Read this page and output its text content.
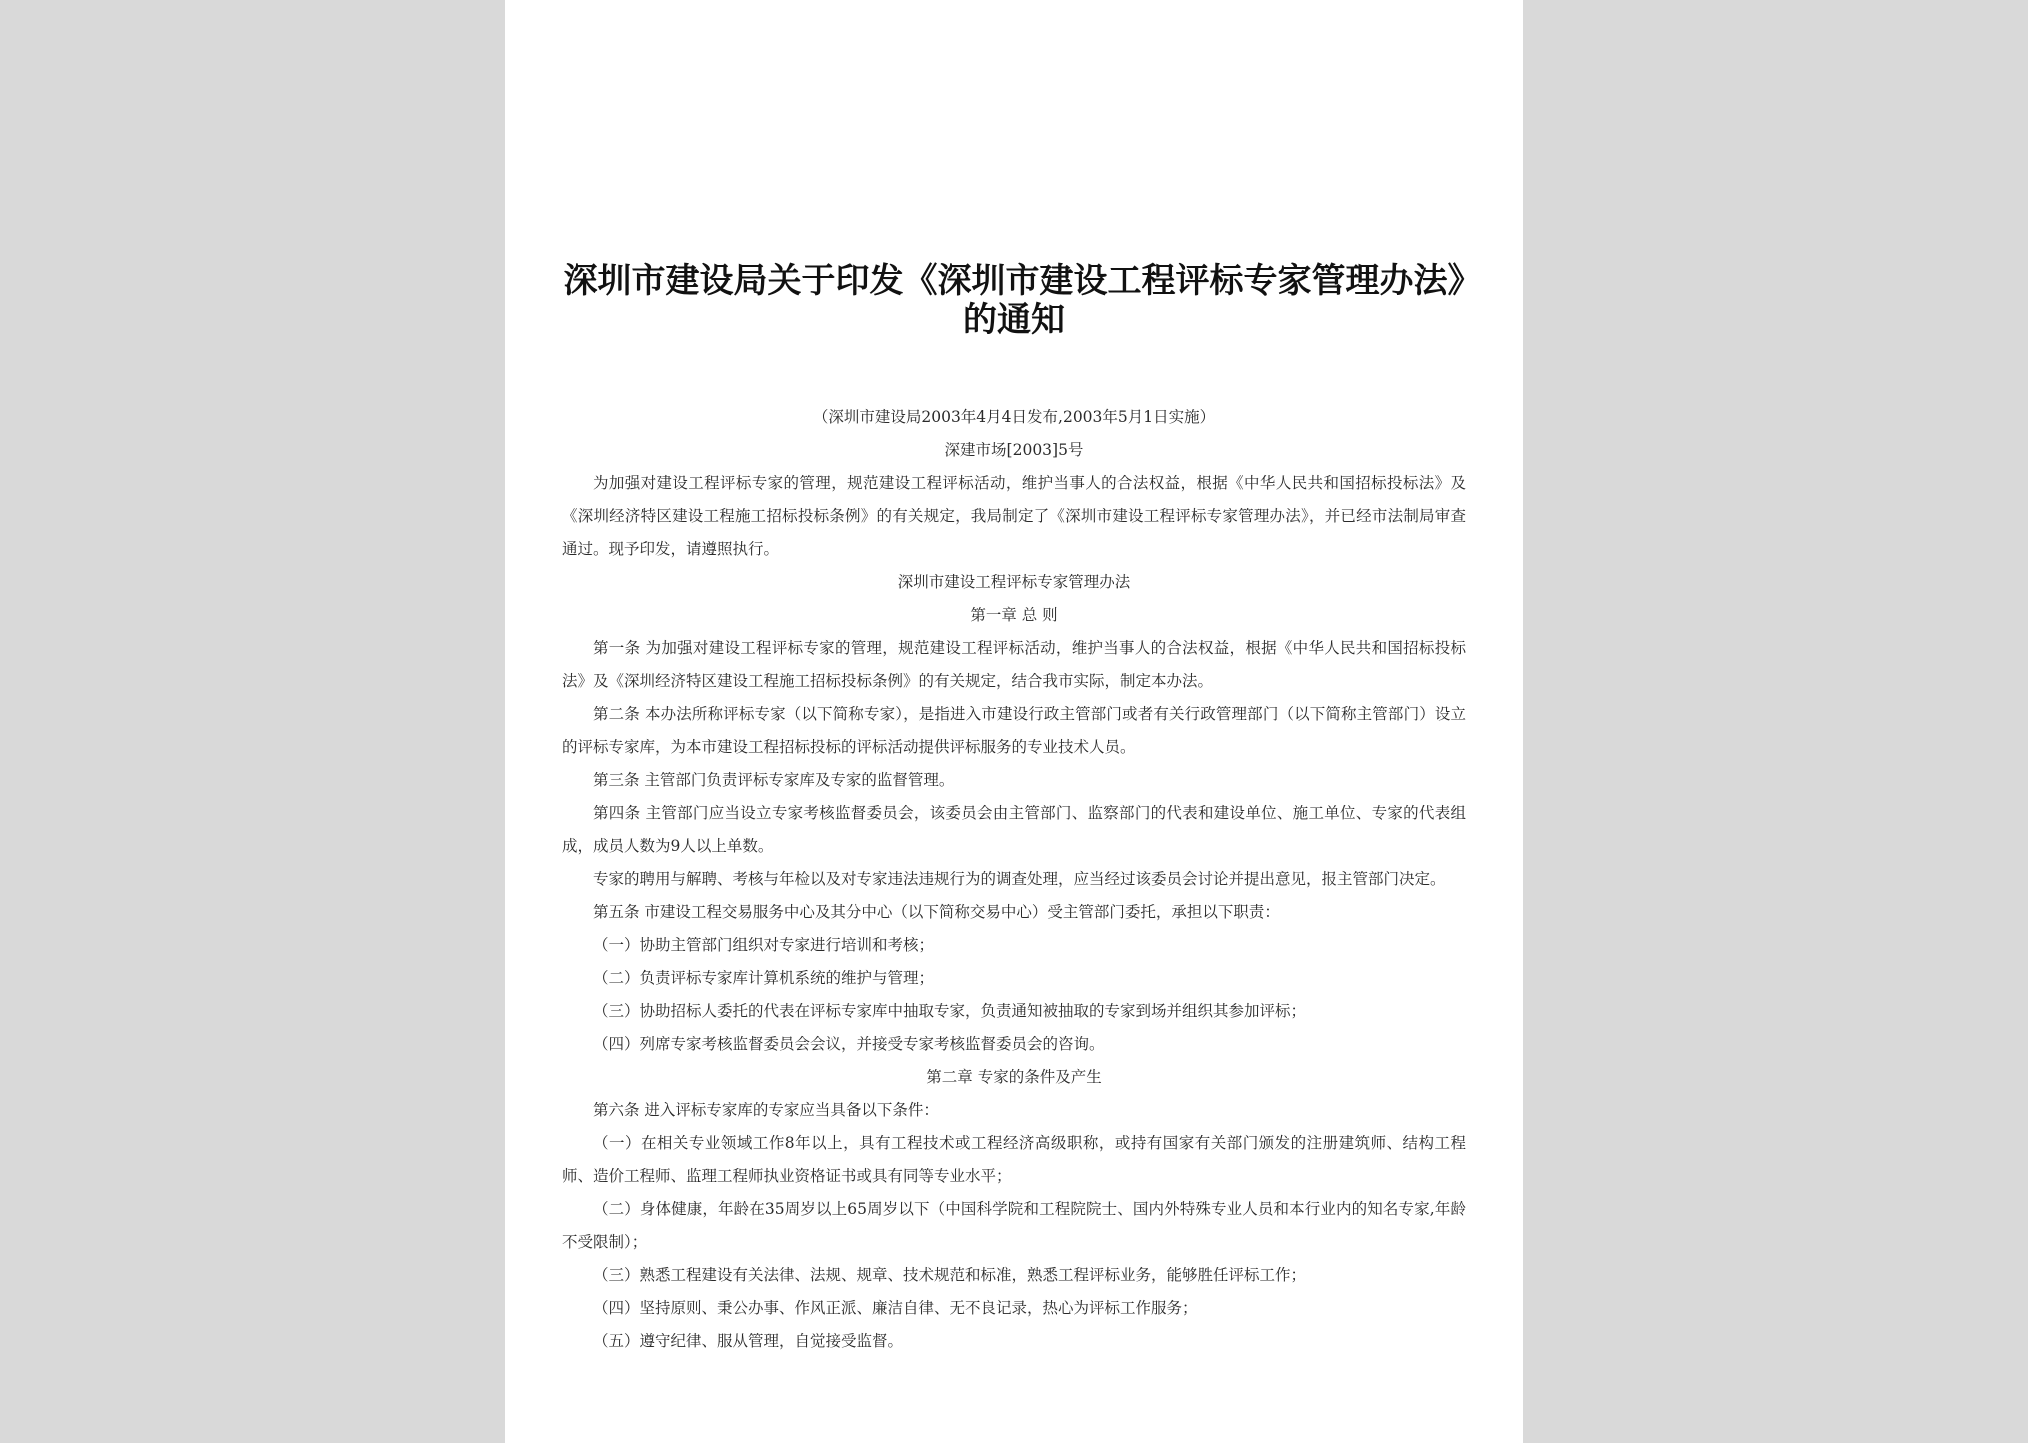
深圳市建设局关于印发《深圳市建设工程评标专家管理办法》的通知
（深圳市建设局2003年4月4日发布,2003年5月1日实施）
深建市场[2003]5号

为加强对建设工程评标专家的管理，规范建设工程评标活动，维护当事人的合法权益，根据《中华人民共和国招标投标法》及《深圳经济特区建设工程施工招标投标条例》的有关规定，我局制定了《深圳市建设工程评标专家管理办法》，并已经市法制局审查通过。现予印发，请遵照执行。

深圳市建设工程评标专家管理办法

第一章 总 则

第一条 为加强对建设工程评标专家的管理，规范建设工程评标活动，维护当事人的合法权益，根据《中华人民共和国招标投标法》及《深圳经济特区建设工程施工招标投标条例》的有关规定，结合我市实际，制定本办法。

第二条 本办法所称评标专家（以下简称专家），是指进入市建设行政主管部门或者有关行政管理部门（以下简称主管部门）设立的评标专家库，为本市建设工程招标投标的评标活动提供评标服务的专业技术人员。

第三条 主管部门负责评标专家库及专家的监督管理。

第四条 主管部门应当设立专家考核监督委员会，该委员会由主管部门、监察部门的代表和建设单位、施工单位、专家的代表组成，成员人数为9人以上单数。

专家的聘用与解聘、考核与年检以及对专家违法违规行为的调查处理，应当经过该委员会讨论并提出意见，报主管部门决定。

第五条 市建设工程交易服务中心及其分中心（以下简称交易中心）受主管部门委托，承担以下职责：

（一）协助主管部门组织对专家进行培训和考核；

（二）负责评标专家库计算机系统的维护与管理；

（三）协助招标人委托的代表在评标专家库中抽取专家，负责通知被抽取的专家到场并组织其参加评标；

（四）列席专家考核监督委员会会议，并接受专家考核监督委员会的咨询。

第二章 专家的条件及产生

第六条 进入评标专家库的专家应当具备以下条件：

（一）在相关专业领域工作8年以上，具有工程技术或工程经济高级职称，或持有国家有关部门颁发的注册建筑师、结构工程师、造价工程师、监理工程师执业资格证书或具有同等专业水平；

（二）身体健康，年龄在35周岁以上65周岁以下（中国科学院和工程院院士、国内外特殊专业人员和本行业内的知名专家,年龄不受限制）；

（三）熟悉工程建设有关法律、法规、规章、技术规范和标准，熟悉工程评标业务，能够胜任评标工作；

（四）坚持原则、秉公办事、作风正派、廉洁自律、无不良记录，热心为评标工作服务；

（五）遵守纪律、服从管理，自觉接受监督。
